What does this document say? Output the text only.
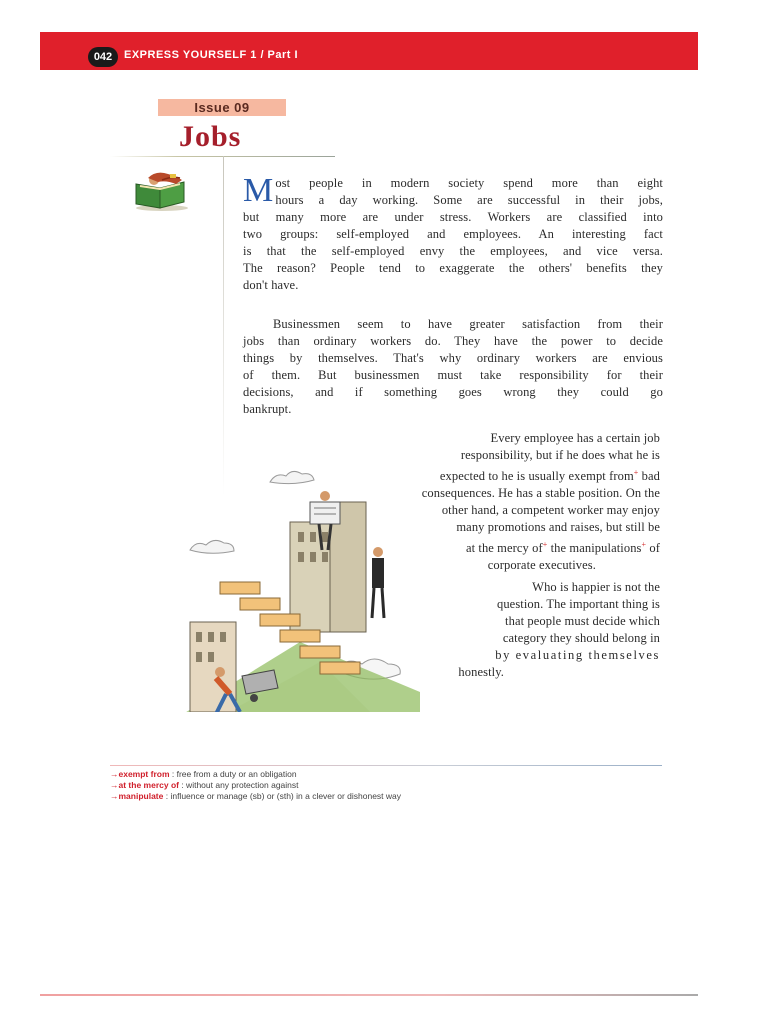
042	EXPRESS YOURSELF 1 / Part I
Issue 09
Jobs
M ost people in modern society spend more than eight
hours a day working. Some are successful in their jobs,
but many more are under stress. Workers are classified into
two groups: self-employed and employees. An interesting fact
is that the self-employed envy the employees, and vice versa.
The reason? People tend to exaggerate the others' benefits they
don't have.
Businessmen seem to have greater satisfaction from their
jobs than ordinary workers do. They have the power to decide
things by themselves. That's why ordinary workers are envious
of them. But businessmen must take responsibility for their
decisions, and if something goes wrong they could go
bankrupt.
Every employee has a certain job
responsibility, but if he does what he is
expected to he is usually exempt from+ bad
consequences. He has a stable position. On the
other hand, a competent worker may enjoy
many promotions and raises, but still be
at the mercy of+ the manipulations+ of
corporate executives.
Who is happier is not the
question. The important thing is
that people must decide which
category they should belong in
by evaluating themselves
honestly.
→exempt from : free from a duty or an obligation
→at the mercy of : without any protection against
→manipulate : influence or manage (sb) or (sth) in a clever or dishonest way
